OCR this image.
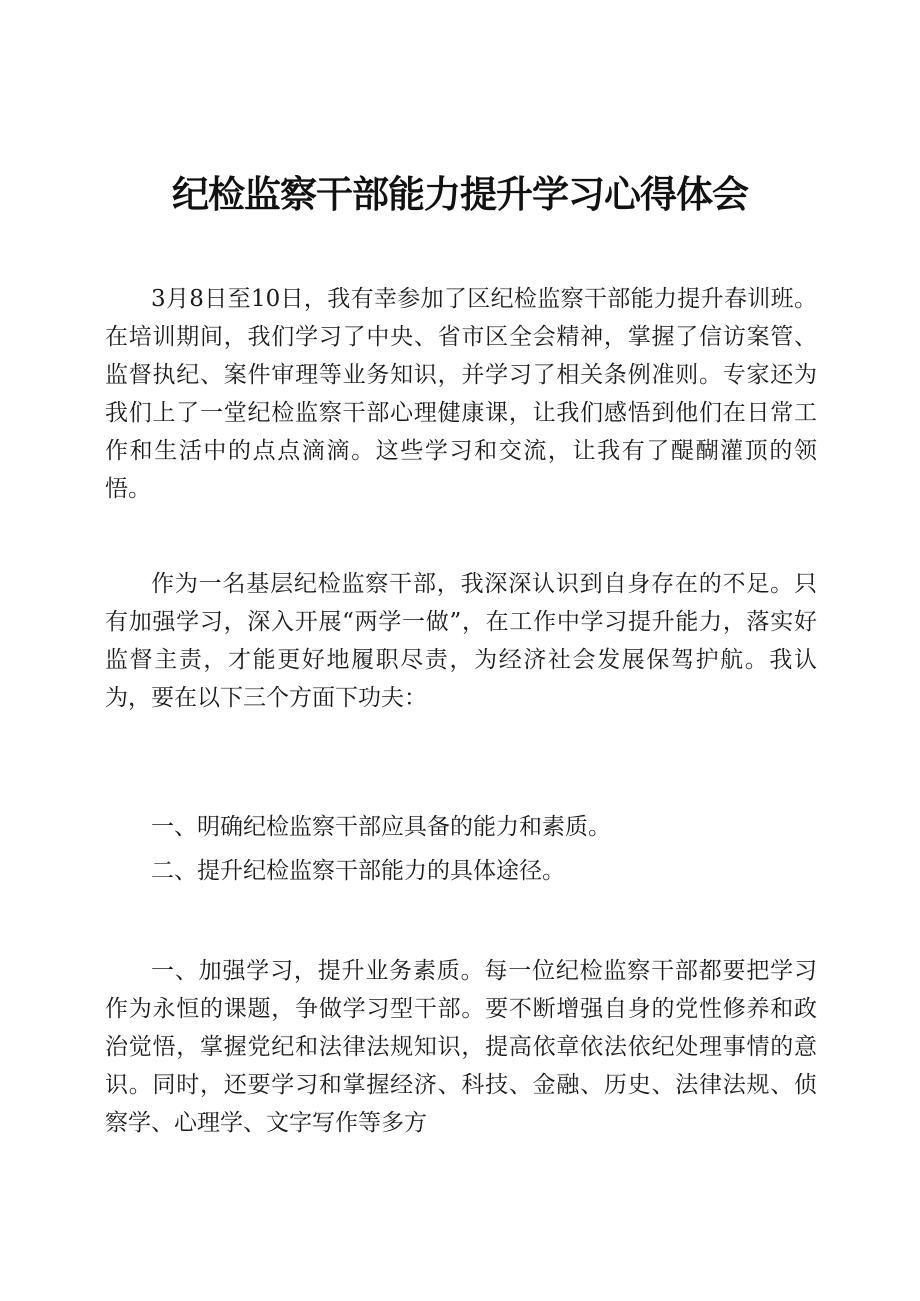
纪检监察干部能力提升学习心得体会

3月8日至10日，我有幸参加了区纪检监察干部能力提升春训班。在培训期间，我们学习了中央、省市区全会精神，掌握了信访案管、监督执纪、案件审理等业务知识，并学习了相关条例准则。专家还为我们上了一堂纪检监察干部心理健康课，让我们感悟到他们在日常工作和生活中的点点滴滴。这些学习和交流，让我有了醍醐灌顶的领悟。

作为一名基层纪检监察干部，我深深认识到自身存在的不足。只有加强学习，深入开展“两学一做”，在工作中学习提升能力，落实好监督主责，才能更好地履职尽责，为经济社会发展保驾护航。我认为，要在以下三个方面下功夫：

一、明确纪检监察干部应具备的能力和素质。

二、提升纪检监察干部能力的具体途径。

一、加强学习，提升业务素质。每一位纪检监察干部都要把学习作为永恒的课题，争做学习型干部。要不断增强自身的党性修养和政治觉悟，掌握党纪和法律法规知识，提高依章依法依纪处理事情的意识。同时，还要学习和掌握经济、科技、金融、历史、法律法规、侦察学、心理学、文字写作等多方
